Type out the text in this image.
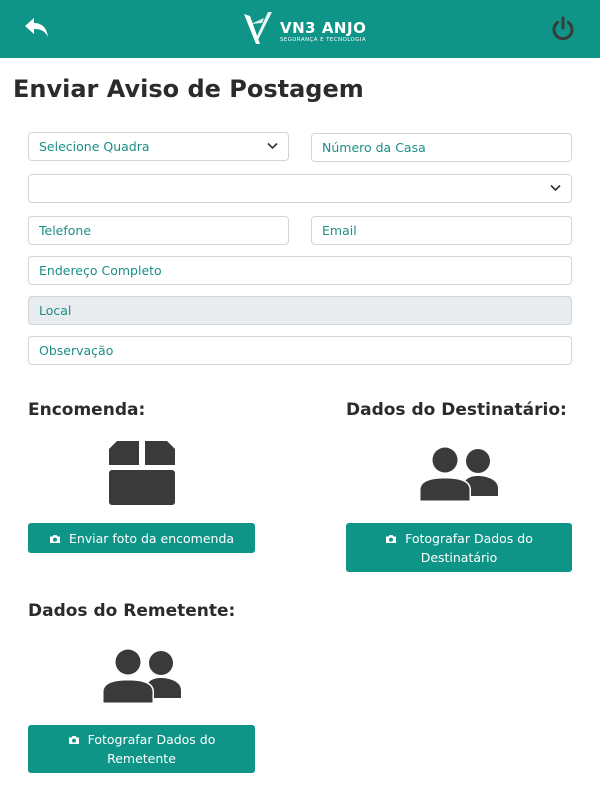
VN3 ANJO
SEGURANÇA E TECNOLOGIA
Enviar Aviso de Postagem
Selecione Quadra	Número da Casa
Telefone	Email
Endereço Completo
Local
Observação
Encomenda:
Enviar foto da encomenda
Dados do Destinatário:
Fotografar Dados do
Destinatário
Dados do Remetente:
Fotografar Dados do
Remetente
